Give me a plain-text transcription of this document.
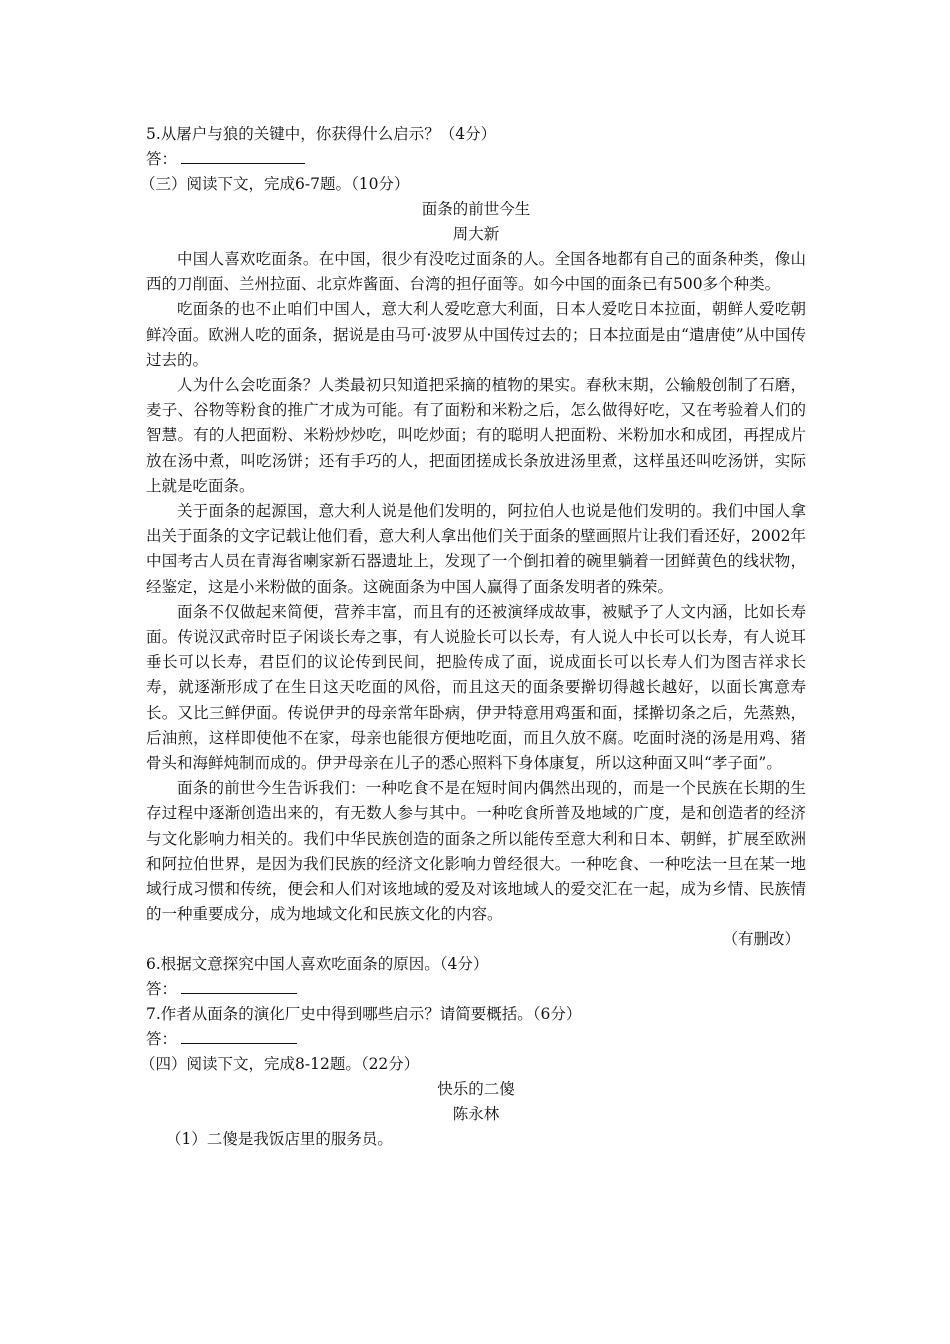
5.从屠户与狼的关键中，你获得什么启示？（4分）
答：
（三）阅读下文，完成6-7题。（10分）
面条的前世今生
周大新

中国人喜欢吃面条。在中国，很少有没吃过面条的人。全国各地都有自己的面条种类，像山西的刀削面、兰州拉面、北京炸酱面、台湾的担仔面等。如今中国的面条已有500多个种类。

吃面条的也不止咱们中国人，意大利人爱吃意大利面，日本人爱吃日本拉面，朝鲜人爱吃朝鲜冷面。欧洲人吃的面条，据说是由马可·波罗从中国传过去的；日本拉面是由“遣唐使”从中国传过去的。

人为什么会吃面条？人类最初只知道把采摘的植物的果实。春秋末期，公输般创制了石磨，麦子、谷物等粉食的推广才成为可能。有了面粉和米粉之后，怎么做得好吃，又在考验着人们的智慧。有的人把面粉、米粉炒炒吃，叫吃炒面；有的聪明人把面粉、米粉加水和成团，再捏成片放在汤中煮，叫吃汤饼；还有手巧的人，把面团搓成长条放进汤里煮，这样虽还叫吃汤饼，实际上就是吃面条。

关于面条的起源国，意大利人说是他们发明的，阿拉伯人也说是他们发明的。我们中国人拿出关于面条的文字记载让他们看，意大利人拿出他们关于面条的壁画照片让我们看还好，2002年中国考古人员在青海省喇家新石器遗址上，发现了一个倒扣着的碗里躺着一团鲜黄色的线状物，经鉴定，这是小米粉做的面条。这碗面条为中国人赢得了面条发明者的殊荣。

面条不仅做起来简便，营养丰富，而且有的还被演绎成故事，被赋予了人文内涵，比如长寿面。传说汉武帝时臣子闲谈长寿之事，有人说脸长可以长寿，有人说人中长可以长寿，有人说耳垂长可以长寿，君臣们的议论传到民间，把脸传成了面，说成面长可以长寿人们为图吉祥求长寿，就逐渐形成了在生日这天吃面的风俗，而且这天的面条要擀切得越长越好，以面长寓意寿长。又比三鲜伊面。传说伊尹的母亲常年卧病，伊尹特意用鸡蛋和面，揉擀切条之后，先蒸熟，后油煎，这样即使他不在家，母亲也能很方便地吃面，而且久放不腐。吃面时浇的汤是用鸡、猪骨头和海鲜炖制而成的。伊尹母亲在儿子的悉心照料下身体康复，所以这种面又叫“孝子面”。

面条的前世今生告诉我们：一种吃食不是在短时间内偶然出现的，而是一个民族在长期的生存过程中逐渐创造出来的，有无数人参与其中。一种吃食所普及地域的广度，是和创造者的经济与文化影响力相关的。我们中华民族创造的面条之所以能传至意大利和日本、朝鲜，扩展至欧洲和阿拉伯世界，是因为我们民族的经济文化影响力曾经很大。一种吃食、一种吃法一旦在某一地域行成习惯和传统，便会和人们对该地域的爱及对该地域人的爱交汇在一起，成为乡情、民族情的一种重要成分，成为地域文化和民族文化的内容。

（有删改）
6.根据文意探究中国人喜欢吃面条的原因。（4分）
答：
7.作者从面条的演化厂史中得到哪些启示？请简要概括。（6分）
答：
（四）阅读下文，完成8-12题。（22分）
快乐的二傻
陈永林
（1）二傻是我饭店里的服务员。
